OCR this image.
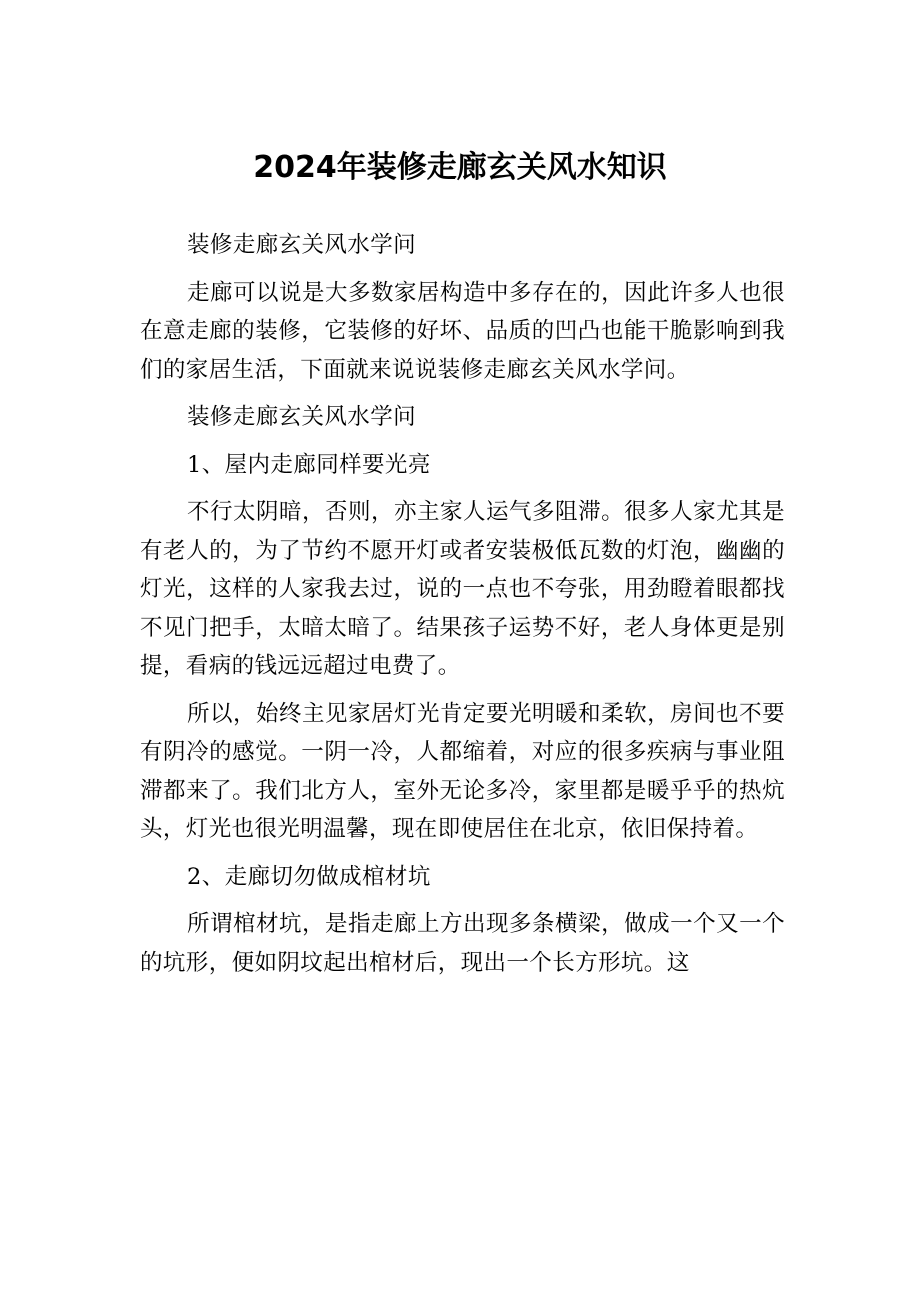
2024年装修走廊玄关风水知识

装修走廊玄关风水学问

走廊可以说是大多数家居构造中多存在的，因此许多人也很在意走廊的装修，它装修的好坏、品质的凹凸也能干脆影响到我们的家居生活，下面就来说说装修走廊玄关风水学问。

装修走廊玄关风水学问

1、屋内走廊同样要光亮

不行太阴暗，否则，亦主家人运气多阻滞。很多人家尤其是有老人的，为了节约不愿开灯或者安装极低瓦数的灯泡，幽幽的灯光，这样的人家我去过，说的一点也不夸张，用劲瞪着眼都找不见门把手，太暗太暗了。结果孩子运势不好，老人身体更是别提，看病的钱远远超过电费了。

所以，始终主见家居灯光肯定要光明暖和柔软，房间也不要有阴冷的感觉。一阴一冷，人都缩着，对应的很多疾病与事业阻滞都来了。我们北方人，室外无论多冷，家里都是暖乎乎的热炕头，灯光也很光明温馨，现在即使居住在北京，依旧保持着。

2、走廊切勿做成棺材坑

所谓棺材坑，是指走廊上方出现多条横梁，做成一个又一个的坑形，便如阴坟起出棺材后，现出一个长方形坑。这
